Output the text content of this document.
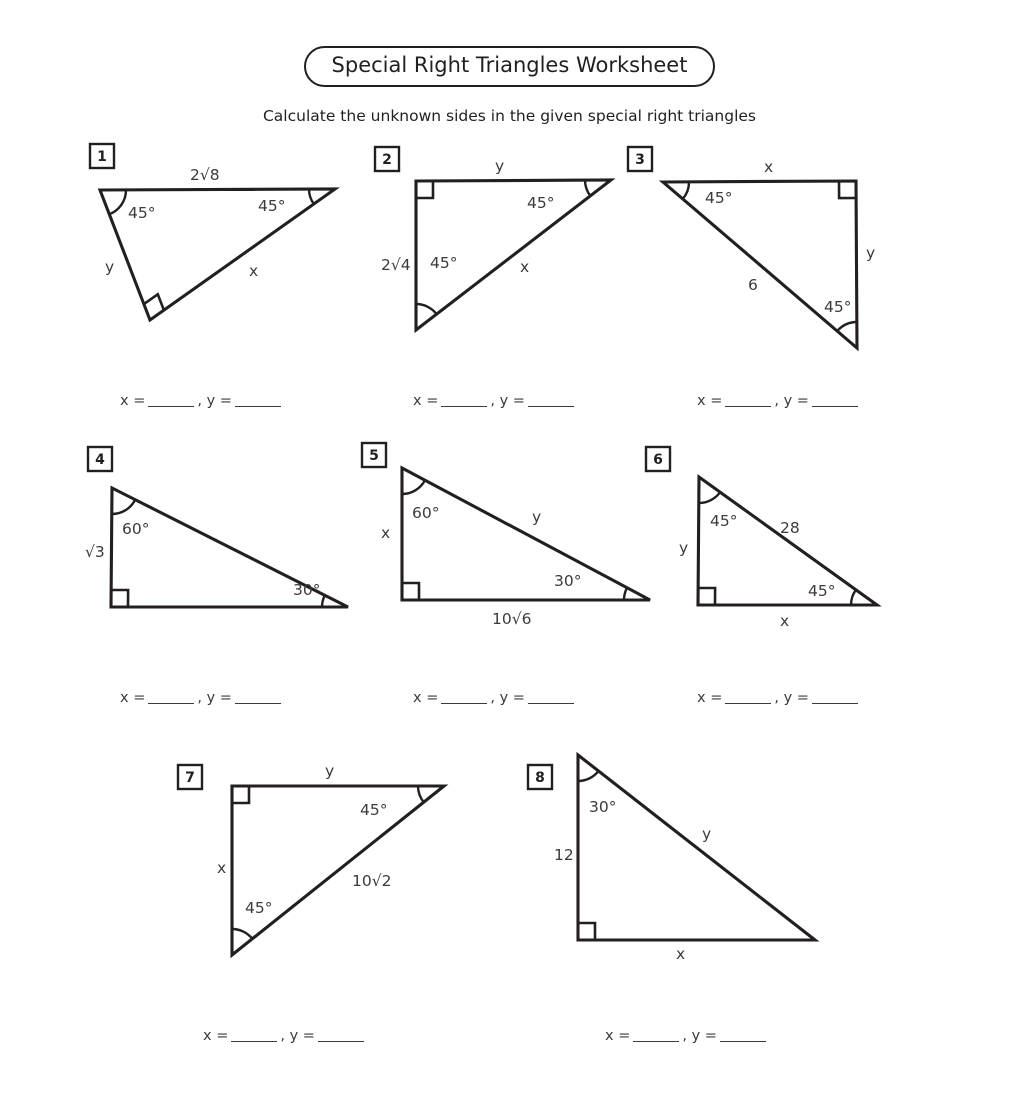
Special Right Triangles Worksheet
Calculate the unknown sides in the given special right triangles
1
45°	45°
2√8
y	x
2
45°
45°
y
2√4	x
3
45°
45°
x
y
6
4
60°
30°
√3
5
60°
30°
x
y
10√6
6
45°
45°
y
28
x
7
45°
45°
y
x
10√2
8
30°
12
y
x
x =	, y =	x =	, y =	x =	, y =
x =	, y =	x =	, y =	x =	, y =
x =	, y =	x =	, y =
